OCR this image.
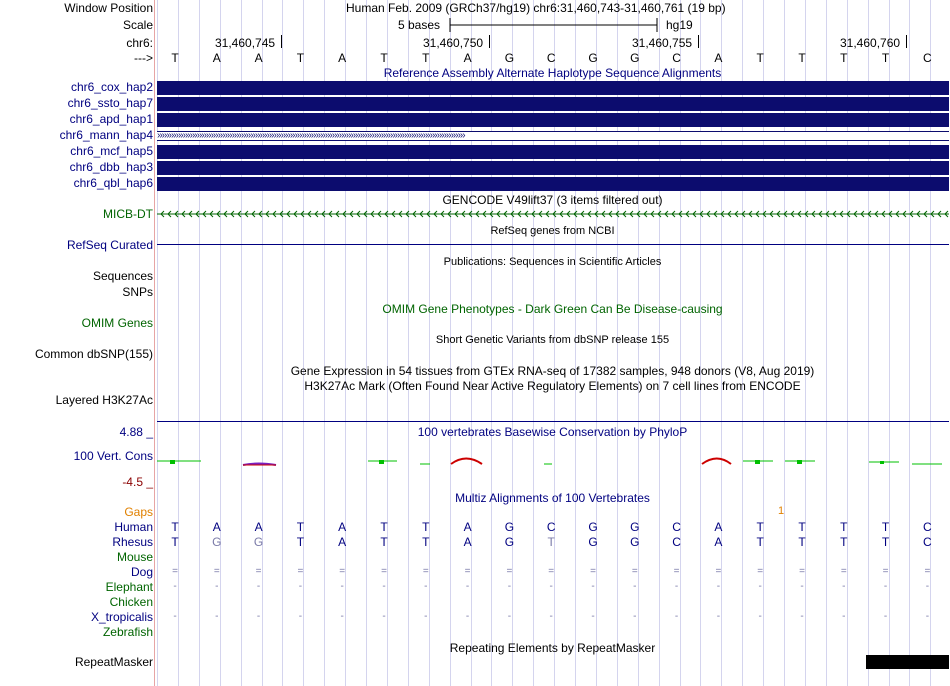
Window Position	Human Feb. 2009 (GRCh37/hg19) chr6:31,460,743-31,460,761 (19 bp)
Scale	5 bases	hg19
chr6:	31,460,745	31,460,750	31,460,755	31,460,760
--->	T	A	A	T	A	T	T	A	G	C	G	G	C	A	T	T	T	T	C
Reference Assembly Alternate Haplotype Sequence Alignments
chr6_cox_hap2
chr6_ssto_hap7
chr6_apd_hap1
chr6_mann_hap4 ››››››››››››››››››››››››››››››››››››››››››››››››››››››››››››››››››››››››››››››››››››››››››››››››››››››››››››››››››››››››››››››››››››
chr6_mcf_hap5
chr6_dbb_hap3
chr6_qbl_hap6
GENCODE V49lift37 (3 items filtered out)
MICB-DT
RefSeq genes from NCBI
RefSeq Curated
Publications: Sequences in Scientific Articles
Sequences
SNPs
OMIM Gene Phenotypes - Dark Green Can Be Disease-causing
OMIM Genes
Short Genetic Variants from dbSNP release 155
Common dbSNP(155)
Gene Expression in 54 tissues from GTEx RNA-seq of 17382 samples, 948 donors (V8, Aug 2019)
H3K27Ac Mark (Often Found Near Active Regulatory Elements) on 7 cell lines from ENCODE
Layered H3K27Ac
100 vertebrates Basewise Conservation by PhyloP
4.88 _
100 Vert. Cons
-4.5 _
Multiz Alignments of 100 Vertebrates
Gaps	1
Human	T	A	A	T	A	T	T	A	G	C	G	G	C	A	T	T	T	T	C
Rhesus	T	G	G	T	A	T	T	A	G	T	G	G	C	A	T	T	T	T	C
Mouse
Dog	=	=	=	=	=	=	=	=	=	=	=	=	=	=	=	=	=	=	=
Elephant	-	-	-	-	-	-	-	-	-	-	-	-	-	-	-	-	-	-	-
Chicken
X_tropicalis	-	-	-	-	-	-	-	-	-	-	-	-	-	-	-	-	-	-	-
Zebrafish
Repeating Elements by RepeatMasker
RepeatMasker
